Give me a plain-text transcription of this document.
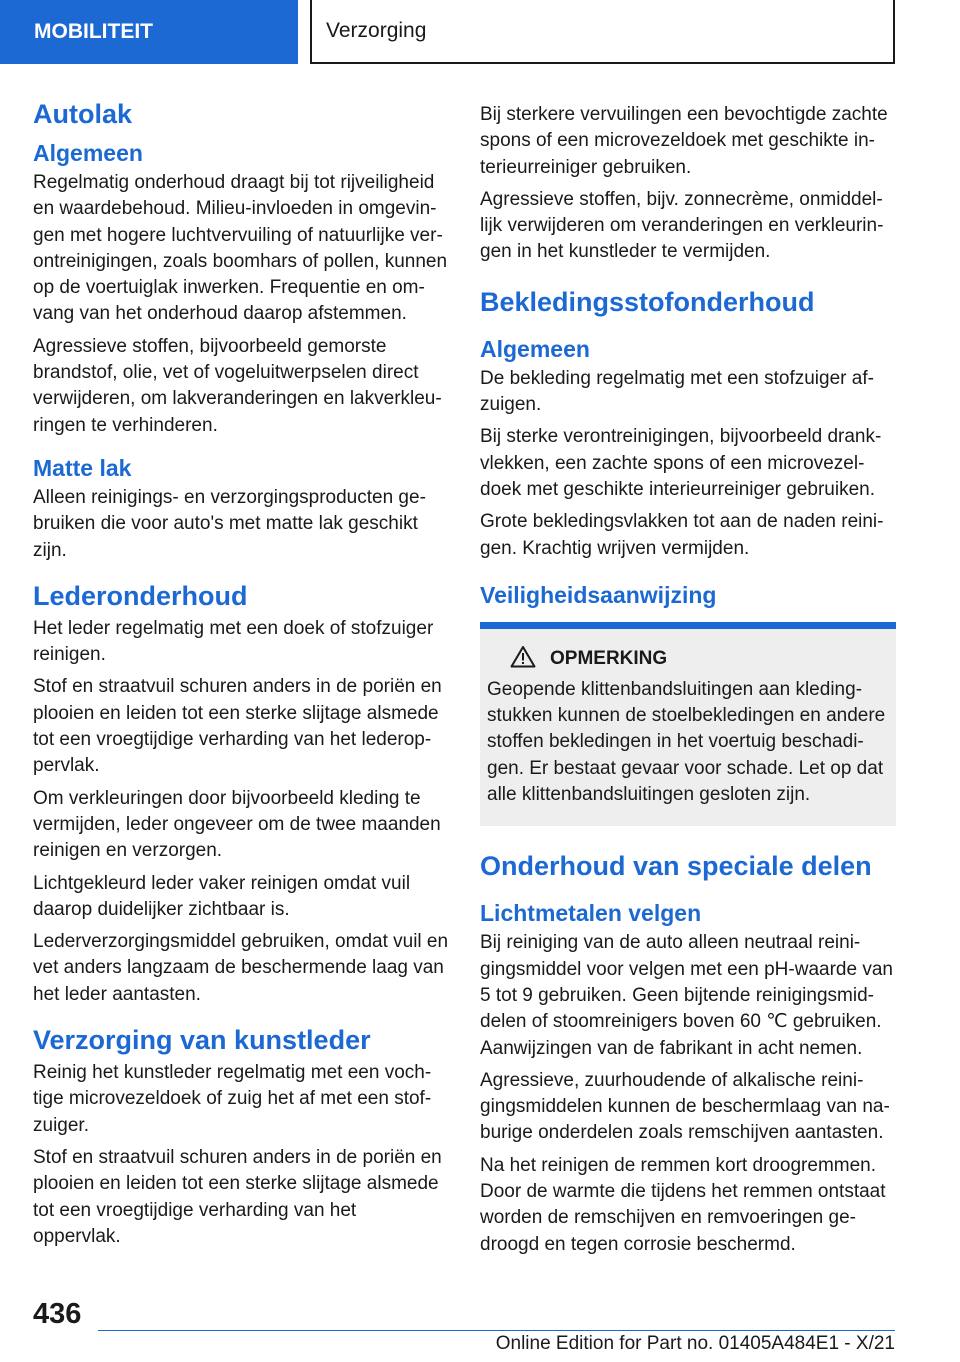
MOBILITEIT	Verzorging
Autolak
Algemeen

Regelmatig onderhoud draagt bij tot rijveiligheid en waardebehoud. Milieu-invloeden in omgevingen met hogere luchtvervuiling of natuurlijke verontreinigingen, zoals boomhars of pollen, kunnen op de voertuiglak inwerken. Frequentie en omvang van het onderhoud daarop afstemmen.

Agressieve stoffen, bijvoorbeeld gemorste brandstof, olie, vet of vogeluitwerpselen direct verwijderen, om lakveranderingen en lakverkleuringen te verhinderen.

Matte lak

Alleen reinigings- en verzorgingsproducten gebruiken die voor auto's met matte lak geschikt zijn.

Lederonderhoud

Het leder regelmatig met een doek of stofzuiger reinigen.

Stof en straatvuil schuren anders in de poriën en plooien en leiden tot een sterke slijtage alsmede tot een vroegtijdige verharding van het lederoppervlak.

Om verkleuringen door bijvoorbeeld kleding te vermijden, leder ongeveer om de twee maanden reinigen en verzorgen.

Lichtgekleurd leder vaker reinigen omdat vuil daarop duidelijker zichtbaar is.

Lederverzorgingsmiddel gebruiken, omdat vuil en vet anders langzaam de beschermende laag van het leder aantasten.

Verzorging van kunstleder

Reinig het kunstleder regelmatig met een vochtige microvezeldoek of zuig het af met een stofzuiger.

Stof en straatvuil schuren anders in de poriën en plooien en leiden tot een sterke slijtage alsmede tot een vroegtijdige verharding van het oppervlak.

Bij sterkere vervuilingen een bevochtigde zachte spons of een microvezeldoek met geschikte interieurreiniger gebruiken.

Agressieve stoffen, bijv. zonnecrème, onmiddellijk verwijderen om veranderingen en verkleuringen in het kunstleder te vermijden.

Bekledingsstofonderhoud
Algemeen

De bekleding regelmatig met een stofzuiger afzuigen.

Bij sterke verontreinigingen, bijvoorbeeld drankvlekken, een zachte spons of een microvezeldoek met geschikte interieurreiniger gebruiken.

Grote bekledingsvlakken tot aan de naden reinigen. Krachtig wrijven vermijden.

Veiligheidsaanwijzing
OPMERKING

Geopende klittenbandsluitingen aan kledingstukken kunnen de stoelbekledingen en andere stoffen bekledingen in het voertuig beschadigen. Er bestaat gevaar voor schade. Let op dat alle klittenbandsluitingen gesloten zijn.

Onderhoud van speciale delen
Lichtmetalen velgen

Bij reiniging van de auto alleen neutraal reinigingsmiddel voor velgen met een pH-waarde van 5 tot 9 gebruiken. Geen bijtende reinigingsmiddelen of stoomreinigers boven 60 ℃ gebruiken. Aanwijzingen van de fabrikant in acht nemen.

Agressieve, zuurhoudende of alkalische reinigingsmiddelen kunnen de beschermlaag van naburige onderdelen zoals remschijven aantasten.

Na het reinigen de remmen kort droogremmen. Door de warmte die tijdens het remmen ontstaat worden de remschijven en remvoeringen gedroogd en tegen corrosie beschermd.

436
Online Edition for Part no. 01405A484E1 - X/21
